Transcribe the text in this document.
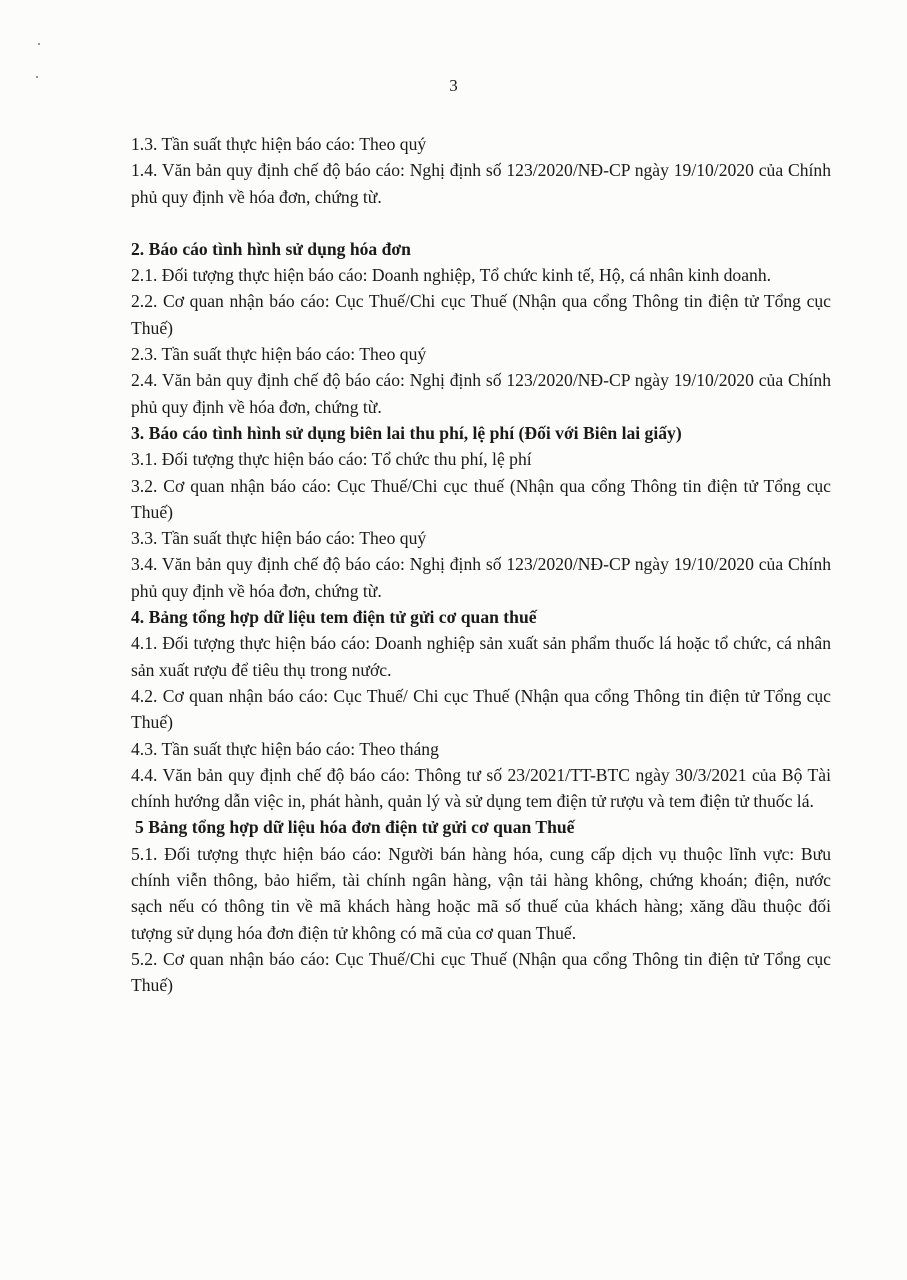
3
1.3. Tần suất thực hiện báo cáo: Theo quý
1.4. Văn bản quy định chế độ báo cáo: Nghị định số 123/2020/NĐ-CP ngày 19/10/2020 của Chính phủ quy định về hóa đơn, chứng từ.
2. Báo cáo tình hình sử dụng hóa đơn
2.1. Đối tượng thực hiện báo cáo: Doanh nghiệp, Tổ chức kinh tế, Hộ, cá nhân kinh doanh.
2.2. Cơ quan nhận báo cáo: Cục Thuế/Chi cục Thuế (Nhận qua cổng Thông tin điện tử Tổng cục Thuế)
2.3. Tần suất thực hiện báo cáo: Theo quý
2.4. Văn bản quy định chế độ báo cáo: Nghị định số 123/2020/NĐ-CP ngày 19/10/2020 của Chính phủ quy định về hóa đơn, chứng từ.
3. Báo cáo tình hình sử dụng biên lai thu phí, lệ phí (Đối với Biên lai giấy)
3.1. Đối tượng thực hiện báo cáo: Tổ chức thu phí, lệ phí
3.2. Cơ quan nhận báo cáo: Cục Thuế/Chi cục thuế (Nhận qua cổng Thông tin điện tử Tổng cục Thuế)
3.3. Tần suất thực hiện báo cáo: Theo quý
3.4. Văn bản quy định chế độ báo cáo: Nghị định số 123/2020/NĐ-CP ngày 19/10/2020 của Chính phủ quy định về hóa đơn, chứng từ.
4. Bảng tổng hợp dữ liệu tem điện tử gửi cơ quan thuế
4.1. Đối tượng thực hiện báo cáo: Doanh nghiệp sản xuất sản phẩm thuốc lá hoặc tổ chức, cá nhân sản xuất rượu để tiêu thụ trong nước.
4.2. Cơ quan nhận báo cáo: Cục Thuế/ Chi cục Thuế (Nhận qua cổng Thông tin điện tử Tổng cục Thuế)
4.3. Tần suất thực hiện báo cáo: Theo tháng
4.4. Văn bản quy định chế độ báo cáo: Thông tư số 23/2021/TT-BTC ngày 30/3/2021 của Bộ Tài chính hướng dẫn việc in, phát hành, quản lý và sử dụng tem điện tử rượu và tem điện tử thuốc lá.
5 Bảng tổng hợp dữ liệu hóa đơn điện tử gửi cơ quan Thuế
5.1. Đối tượng thực hiện báo cáo: Người bán hàng hóa, cung cấp dịch vụ thuộc lĩnh vực: Bưu chính viễn thông, bảo hiểm, tài chính ngân hàng, vận tải hàng không, chứng khoán; điện, nước sạch nếu có thông tin về mã khách hàng hoặc mã số thuế của khách hàng; xăng dầu thuộc đối tượng sử dụng hóa đơn điện tử không có mã của cơ quan Thuế.
5.2. Cơ quan nhận báo cáo: Cục Thuế/Chi cục Thuế (Nhận qua cổng Thông tin điện tử Tổng cục Thuế)
